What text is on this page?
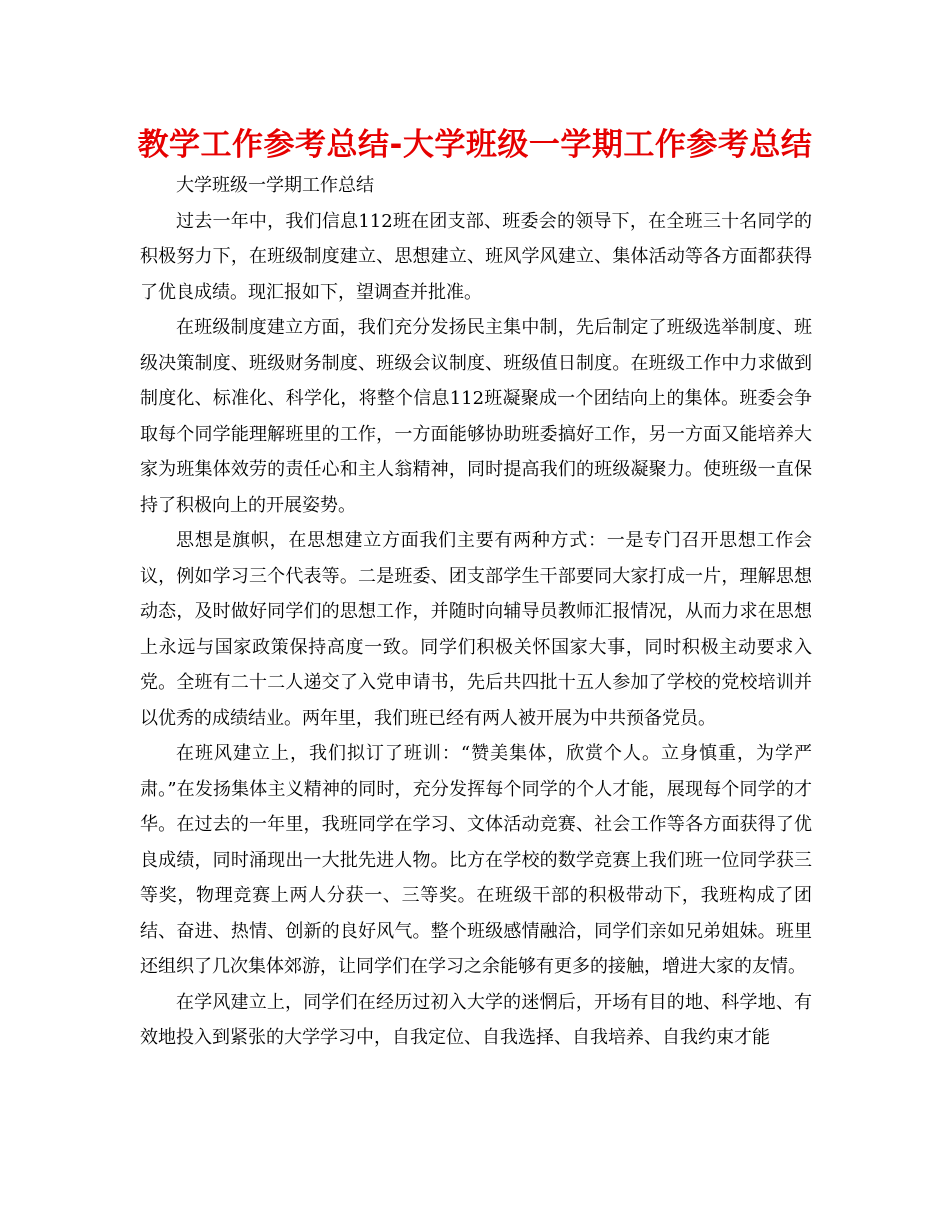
教学工作参考总结-大学班级一学期工作参考总结

大学班级一学期工作总结

过去一年中，我们信息112班在团支部、班委会的领导下，在全班三十名同学的积极努力下，在班级制度建立、思想建立、班风学风建立、集体活动等各方面都获得了优良成绩。现汇报如下，望调查并批准。

在班级制度建立方面，我们充分发扬民主集中制，先后制定了班级选举制度、班级决策制度、班级财务制度、班级会议制度、班级值日制度。在班级工作中力求做到制度化、标准化、科学化，将整个信息112班凝聚成一个团结向上的集体。班委会争取每个同学能理解班里的工作，一方面能够协助班委搞好工作，另一方面又能培养大家为班集体效劳的责任心和主人翁精神，同时提高我们的班级凝聚力。使班级一直保持了积极向上的开展姿势。

思想是旗帜，在思想建立方面我们主要有两种方式：一是专门召开思想工作会议，例如学习三个代表等。二是班委、团支部学生干部要同大家打成一片，理解思想动态，及时做好同学们的思想工作，并随时向辅导员教师汇报情况，从而力求在思想上永远与国家政策保持高度一致。同学们积极关怀国家大事，同时积极主动要求入党。全班有二十二人递交了入党申请书，先后共四批十五人参加了学校的党校培训并以优秀的成绩结业。两年里，我们班已经有两人被开展为中共预备党员。

在班风建立上，我们拟订了班训：“赞美集体，欣赏个人。立身慎重，为学严肃。”在发扬集体主义精神的同时，充分发挥每个同学的个人才能，展现每个同学的才华。在过去的一年里，我班同学在学习、文体活动竞赛、社会工作等各方面获得了优良成绩，同时涌现出一大批先进人物。比方在学校的数学竞赛上我们班一位同学获三等奖，物理竞赛上两人分获一、三等奖。在班级干部的积极带动下，我班构成了团结、奋进、热情、创新的良好风气。整个班级感情融洽，同学们亲如兄弟姐妹。班里还组织了几次集体郊游，让同学们在学习之余能够有更多的接触，增进大家的友情。

在学风建立上，同学们在经历过初入大学的迷惘后，开场有目的地、科学地、有效地投入到紧张的大学学习中，自我定位、自我选择、自我培养、自我约束才能
